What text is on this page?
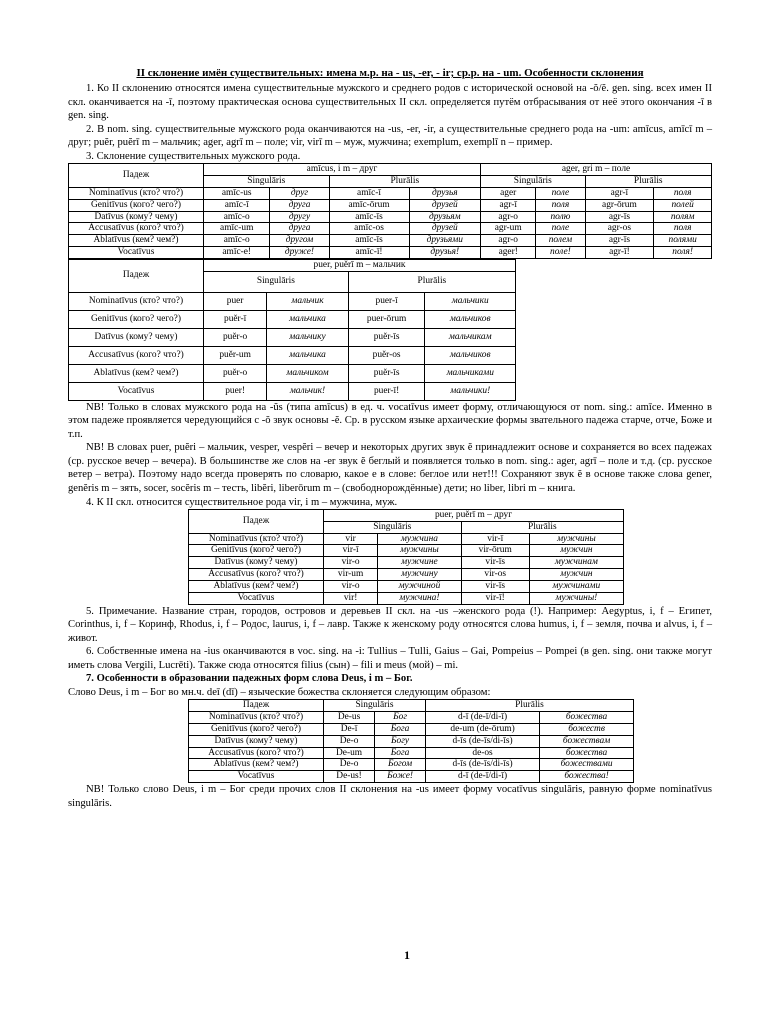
II склонение имён существительных: имена м.р. на - us, -er, - ir; ср.р. на - um. Особенности склонения

1. Ко II склонению относятся имена существительные мужского и среднего родов с исторической основой на -ŏ/ĕ. gen. sing. всех имен II скл. оканчивается на -ī, поэтому практическая основа существительных II скл. определяется путём отбрасывания от неё этого окончания -ī в gen. sing.

2. В nom. sing. существительные мужского рода оканчиваются на -us, -er, -ir, а существительные среднего рода на -um: amīcus, amīcī m – друг; puĕr, puĕrī m – мальчик; ager, agrī m – поле; vir, virī m – муж, мужчина; exemplum, exemplī n – пример.

3. Склонение существительных мужского рода.

Падеж	amīcus, i m – друг				ager, gri m – поле			
	Singulāris		Plurālis		Singulāris		Plurālis	
Nominatīvus (кто? что?)	amīc-us	друг	amīc-ī	друзья	ager	поле	agr-ī	поля
Genitīvus (кого? чего?)	amīc-ī	друга	amīc-ōrum	друзей	agr-ī	поля	agr-ōrum	полей
Datīvus (кому? чему)	amīc-o	другу	amīc-īs	друзьям	agr-o	полю	agr-īs	полям
Accusatīvus (кого? что?)	amīc-um	друга	amīc-os	друзей	agr-um	поле	agr-os	поля
Ablatīvus (кем? чем?)	amīc-o	другом	amīc-īs	друзьями	agr-o	полем	agr-īs	полями
Vocatīvus	amīc-e!	друже!	amīc-ī!	друзья!	ager!	поле!	agr-ī!	поля!
Падеж	puer, puĕrī m – мальчик			
	Singulāris		Plurālis	
Nominatīvus (кто? что?)	puer	мальчик	puer-ī	мальчики
Genitīvus (кого? чего?)	puĕr-ī	мальчика	puer-ōrum	мальчиков
Datīvus (кому? чему)	puĕr-o	мальчику	puĕr-īs	мальчикам
Accusatīvus (кого? что?)	puĕr-um	мальчика	puĕr-os	мальчиков
Ablatīvus (кем? чем?)	puĕr-o	мальчиком	puĕr-īs	мальчиками
Vocatīvus	puer!	мальчик!	puer-ī!	мальчики!

NB! Только в словах мужского рода на -ŭs (типа amīcus) в ед. ч. vocatīvus имеет форму, отличающуюся от nom. sing.: amīce. Именно в этом падеже проявляется чередующийся с -ŏ звук основы -ĕ. Ср. в русском языке архаические формы звательного падежа старче, отче, Боже и т.п.

NB! В словах puer, puĕri – мальчик, vesper, vespĕri – вечер и некоторых других звук ĕ принадлежит основе и сохраняется во всех падежах (ср. русское вечер – вечера). В большинстве же слов на -er звук ĕ беглый и появляется только в nom. sing.: ager, agrī – поле и т.д. (ср. русское ветер – ветра). Поэтому надо всегда проверять по словарю, какое е в слове: беглое или нет!!! Сохраняют звук ĕ в основе также слова gener, genĕris m – зять, socer, socĕris m – тесть, libĕri, liberōrum m – (свободнорождённые) дети; но liber, libri m – книга.

4. К II скл. относится существительное рода vir, i m – мужчина, муж.

Падеж	puer, puĕrī m – друг			
	Singulāris		Plurālis	
Nominatīvus (кто? что?)	vir	мужчина	vir-ī	мужчины
Genitīvus (кого? чего?)	vir-ī	мужчины	vir-ōrum	мужчин
Datīvus (кому? чему)	vir-o	мужчине	vir-īs	мужчинам
Accusatīvus (кого? что?)	vir-um	мужчину	vir-os	мужчин
Ablatīvus (кем? чем?)	vir-o	мужчиной	vir-īs	мужчинами
Vocatīvus	vir!	мужчина!	vir-ī!	мужчины!

5. Примечание. Название стран, городов, островов и деревьев II скл. на -us –женского рода (!). Например: Aegyptus, i, f – Египет, Corinthus, i, f – Коринф, Rhodus, i, f – Родос, laurus, i, f – лавр. Также к женскому роду относятся слова humus, i, f – земля, почва и alvus, i, f – живот.

6. Собственные имена на -ius оканчиваются в voc. sing. на -i: Tullius – Tulli, Gaius – Gai, Pompeius – Pompei (в gen. sing. они также могут иметь слова Vergili, Lucrēti). Также сюда относятся filius (сын) – fili и meus (мой) – mi.

7. Особенности в образовании падежных форм слова Deus, i m – Бог.

Слово Deus, i m – Бог во мн.ч. deī (dī) – языческие божества склоняется следующим образом:

Падеж	Singulāris		Plurālis	

Nominatīvus (кто? что?)	De-us	Бог	d-ī (de-ī/di-ī)	божества
Genitīvus (кого? чего?)	De-ī	Бога	de-um (de-ōrum)	божеств
Datīvus (кому? чему)	De-o	Богу	d-īs (de-īs/di-īs)	божествам
Accusatīvus (кого? что?)	De-um	Бога	de-os	божества
Ablatīvus (кем? чем?)	De-o	Богом	d-īs (de-īs/di-īs)	божествами
Vocatīvus	De-us!	Боже!	d-ī (de-ī/di-ī)	божества!

NB! Только слово Deus, i m – Бог среди прочих слов II склонения на -us имеет форму vocatīvus singulāris, равную форме nominatīvus singulāris.

1
